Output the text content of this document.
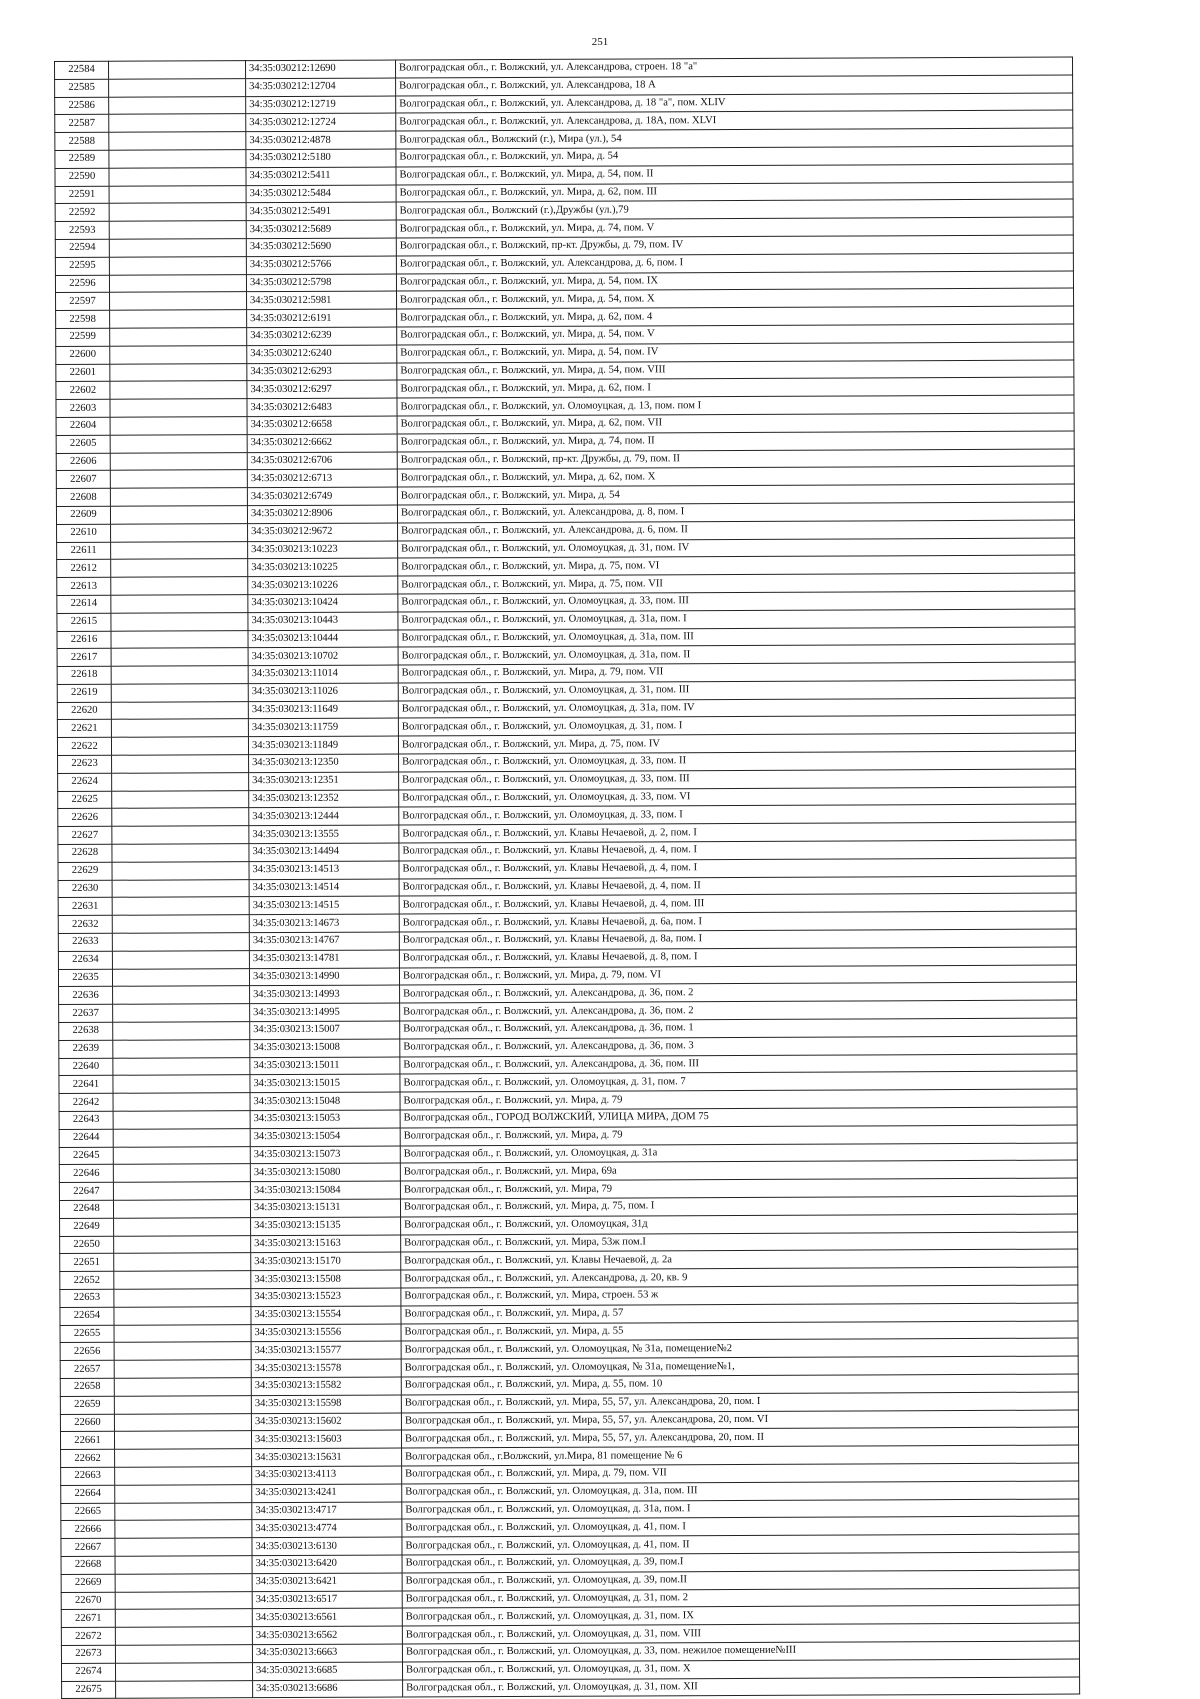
251
22584		34:35:030212:12690	Волгоградская обл., г. Волжский, ул. Александрова, строен. 18 "а"
22585		34:35:030212:12704	Волгоградская обл., г. Волжский, ул. Александрова, 18 А
22586		34:35:030212:12719	Волгоградская обл., г. Волжский, ул. Александрова, д. 18 "а", пом. XLIV
22587		34:35:030212:12724	Волгоградская обл., г. Волжский, ул. Александрова, д. 18А, пом. XLVI
22588		34:35:030212:4878	Волгоградская обл., Волжский (г.), Мира (ул.), 54
22589		34:35:030212:5180	Волгоградская обл., г. Волжский, ул. Мира, д. 54
22590		34:35:030212:5411	Волгоградская обл., г. Волжский, ул. Мира, д. 54, пом. II
22591		34:35:030212:5484	Волгоградская обл., г. Волжский, ул. Мира, д. 62, пом. III
22592		34:35:030212:5491	Волгоградская обл., Волжский (г.),Дружбы (ул.),79
22593		34:35:030212:5689	Волгоградская обл., г. Волжский, ул. Мира, д. 74, пом. V
22594		34:35:030212:5690	Волгоградская обл., г. Волжский, пр-кт. Дружбы, д. 79, пом. IV
22595		34:35:030212:5766	Волгоградская обл., г. Волжский, ул. Александрова, д. 6, пом. I
22596		34:35:030212:5798	Волгоградская обл., г. Волжский, ул. Мира, д. 54, пом. IX
22597		34:35:030212:5981	Волгоградская обл., г. Волжский, ул. Мира, д. 54, пом. X
22598		34:35:030212:6191	Волгоградская обл., г. Волжский, ул. Мира, д. 62, пом. 4
22599		34:35:030212:6239	Волгоградская обл., г. Волжский, ул. Мира, д. 54, пом. V
22600		34:35:030212:6240	Волгоградская обл., г. Волжский, ул. Мира, д. 54, пом. IV
22601		34:35:030212:6293	Волгоградская обл., г. Волжский, ул. Мира, д. 54, пом. VIII
22602		34:35:030212:6297	Волгоградская обл., г. Волжский, ул. Мира, д. 62, пом. I
22603		34:35:030212:6483	Волгоградская обл., г. Волжский, ул. Оломоуцкая, д. 13, пом. пом I
22604		34:35:030212:6658	Волгоградская обл., г. Волжский, ул. Мира, д. 62, пом. VII
22605		34:35:030212:6662	Волгоградская обл., г. Волжский, ул. Мира, д. 74, пом. II
22606		34:35:030212:6706	Волгоградская обл., г. Волжский, пр-кт. Дружбы, д. 79, пом. II
22607		34:35:030212:6713	Волгоградская обл., г. Волжский, ул. Мира, д. 62, пом. X
22608		34:35:030212:6749	Волгоградская обл., г. Волжский, ул. Мира, д. 54
22609		34:35:030212:8906	Волгоградская обл., г. Волжский, ул. Александрова, д. 8, пом. I
22610		34:35:030212:9672	Волгоградская обл., г. Волжский, ул. Александрова, д. 6, пом. II
22611		34:35:030213:10223	Волгоградская обл., г. Волжский, ул. Оломоуцкая, д. 31, пом. IV
22612		34:35:030213:10225	Волгоградская обл., г. Волжский, ул. Мира, д. 75, пом. VI
22613		34:35:030213:10226	Волгоградская обл., г. Волжский, ул. Мира, д. 75, пом. VII
22614		34:35:030213:10424	Волгоградская обл., г. Волжский, ул. Оломоуцкая, д. 33, пом. III
22615		34:35:030213:10443	Волгоградская обл., г. Волжский, ул. Оломоуцкая, д. 31а, пом. I
22616		34:35:030213:10444	Волгоградская обл., г. Волжский, ул. Оломоуцкая, д. 31а, пом. III
22617		34:35:030213:10702	Волгоградская обл., г. Волжский, ул. Оломоуцкая, д. 31а, пом. II
22618		34:35:030213:11014	Волгоградская обл., г. Волжский, ул. Мира, д. 79, пом. VII
22619		34:35:030213:11026	Волгоградская обл., г. Волжский, ул. Оломоуцкая, д. 31, пом. III
22620		34:35:030213:11649	Волгоградская обл., г. Волжский, ул. Оломоуцкая, д. 31а, пом. IV
22621		34:35:030213:11759	Волгоградская обл., г. Волжский, ул. Оломоуцкая, д. 31, пом. I
22622		34:35:030213:11849	Волгоградская обл., г. Волжский, ул. Мира, д. 75, пом. IV
22623		34:35:030213:12350	Волгоградская обл., г. Волжский, ул. Оломоуцкая, д. 33, пом. II
22624		34:35:030213:12351	Волгоградская обл., г. Волжский, ул. Оломоуцкая, д. 33, пом. III
22625		34:35:030213:12352	Волгоградская обл., г. Волжский, ул. Оломоуцкая, д. 33, пом. VI
22626		34:35:030213:12444	Волгоградская обл., г. Волжский, ул. Оломоуцкая, д. 33, пом. I
22627		34:35:030213:13555	Волгоградская обл., г. Волжский, ул. Клавы Нечаевой, д. 2, пом. I
22628		34:35:030213:14494	Волгоградская обл., г. Волжский, ул. Клавы Нечаевой, д. 4, пом. I
22629		34:35:030213:14513	Волгоградская обл., г. Волжский, ул. Клавы Нечаевой, д. 4, пом. I
22630		34:35:030213:14514	Волгоградская обл., г. Волжский, ул. Клавы Нечаевой, д. 4, пом. II
22631		34:35:030213:14515	Волгоградская обл., г. Волжский, ул. Клавы Нечаевой, д. 4, пом. III
22632		34:35:030213:14673	Волгоградская обл., г. Волжский, ул. Клавы Нечаевой, д. 6а, пом. I
22633		34:35:030213:14767	Волгоградская обл., г. Волжский, ул. Клавы Нечаевой, д. 8а, пом. I
22634		34:35:030213:14781	Волгоградская обл., г. Волжский, ул. Клавы Нечаевой, д. 8, пом. I
22635		34:35:030213:14990	Волгоградская обл., г. Волжский, ул. Мира, д. 79, пом. VI
22636		34:35:030213:14993	Волгоградская обл., г. Волжский, ул. Александрова, д. 36, пом. 2
22637		34:35:030213:14995	Волгоградская обл., г. Волжский, ул. Александрова, д. 36, пом. 2
22638		34:35:030213:15007	Волгоградская обл., г. Волжский, ул. Александрова, д. 36, пом. 1
22639		34:35:030213:15008	Волгоградская обл., г. Волжский, ул. Александрова, д. 36, пом. 3
22640		34:35:030213:15011	Волгоградская обл., г. Волжский, ул. Александрова, д. 36, пом. III
22641		34:35:030213:15015	Волгоградская обл., г. Волжский, ул. Оломоуцкая, д. 31, пом. 7
22642		34:35:030213:15048	Волгоградская обл., г. Волжский, ул. Мира, д. 79
22643		34:35:030213:15053	Волгоградская обл., ГОРОД ВОЛЖСКИЙ, УЛИЦА МИРА, ДОМ 75
22644		34:35:030213:15054	Волгоградская обл., г. Волжский, ул. Мира, д. 79
22645		34:35:030213:15073	Волгоградская обл., г. Волжский, ул. Оломоуцкая, д. 31а
22646		34:35:030213:15080	Волгоградская обл., г. Волжский, ул. Мира, 69а
22647		34:35:030213:15084	Волгоградская обл., г. Волжский, ул. Мира, 79
22648		34:35:030213:15131	Волгоградская обл., г. Волжский, ул. Мира, д. 75, пом. I
22649		34:35:030213:15135	Волгоградская обл., г. Волжский, ул. Оломоуцкая, 31д
22650		34:35:030213:15163	Волгоградская обл., г. Волжский, ул. Мира, 53ж пом.I
22651		34:35:030213:15170	Волгоградская обл., г. Волжский, ул. Клавы Нечаевой, д. 2а
22652		34:35:030213:15508	Волгоградская обл., г. Волжский, ул. Александрова, д. 20, кв. 9
22653		34:35:030213:15523	Волгоградская обл., г. Волжский, ул. Мира, строен. 53 ж
22654		34:35:030213:15554	Волгоградская обл., г. Волжский, ул. Мира, д. 57
22655		34:35:030213:15556	Волгоградская обл., г. Волжский, ул. Мира, д. 55
22656		34:35:030213:15577	Волгоградская обл., г. Волжский, ул. Оломоуцкая, № 31а, помещение№2
22657		34:35:030213:15578	Волгоградская обл., г. Волжский, ул. Оломоуцкая, № 31а, помещение№1,
22658		34:35:030213:15582	Волгоградская обл., г. Волжский, ул. Мира, д. 55, пом. 10
22659		34:35:030213:15598	Волгоградская обл., г. Волжский, ул. Мира, 55, 57, ул. Александрова, 20, пом. I
22660		34:35:030213:15602	Волгоградская обл., г. Волжский, ул. Мира, 55, 57, ул. Александрова, 20, пом. VI
22661		34:35:030213:15603	Волгоградская обл., г. Волжский, ул. Мира, 55, 57, ул. Александрова, 20, пом. II
22662		34:35:030213:15631	Волгоградская обл., г.Волжский, ул.Мира, 81 помещение № 6
22663		34:35:030213:4113	Волгоградская обл., г. Волжский, ул. Мира, д. 79, пом. VII
22664		34:35:030213:4241	Волгоградская обл., г. Волжский, ул. Оломоуцкая, д. 31а, пом. III
22665		34:35:030213:4717	Волгоградская обл., г. Волжский, ул. Оломоуцкая, д. 31а, пом. I
22666		34:35:030213:4774	Волгоградская обл., г. Волжский, ул. Оломоуцкая, д. 41, пом. I
22667		34:35:030213:6130	Волгоградская обл., г. Волжский, ул. Оломоуцкая, д. 41, пом. II
22668		34:35:030213:6420	Волгоградская обл., г. Волжский, ул. Оломоуцкая, д. 39, пом.I
22669		34:35:030213:6421	Волгоградская обл., г. Волжский, ул. Оломоуцкая, д. 39, пом.II
22670		34:35:030213:6517	Волгоградская обл., г. Волжский, ул. Оломоуцкая, д. 31, пом. 2
22671		34:35:030213:6561	Волгоградская обл., г. Волжский, ул. Оломоуцкая, д. 31, пом. IX
22672		34:35:030213:6562	Волгоградская обл., г. Волжский, ул. Оломоуцкая, д. 31, пом. VIII
22673		34:35:030213:6663	Волгоградская обл., г. Волжский, ул. Оломоуцкая, д. 33, пом. нежилое помещение№III
22674		34:35:030213:6685	Волгоградская обл., г. Волжский, ул. Оломоуцкая, д. 31, пом. X
22675		34:35:030213:6686	Волгоградская обл., г. Волжский, ул. Оломоуцкая, д. 31, пом. XII
